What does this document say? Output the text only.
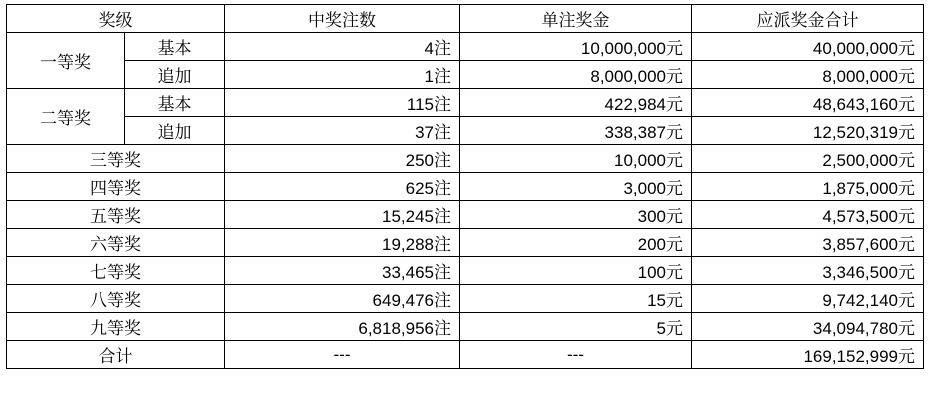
奖级		中奖注数	单注奖金	应派奖金合计
一等奖	基本	4注	10,000,000元	40,000,000元
	追加	1注	8,000,000元	8,000,000元
二等奖	基本	115注	422,984元	48,643,160元
	追加	37注	338,387元	12,520,319元
三等奖		250注	10,000元	2,500,000元
四等奖		625注	3,000元	1,875,000元
五等奖		15,245注	300元	4,573,500元
六等奖		19,288注	200元	3,857,600元
七等奖		33,465注	100元	3,346,500元
八等奖		649,476注	15元	9,742,140元
九等奖		6,818,956注	5元	34,094,780元
合计		---	---	169,152,999元
